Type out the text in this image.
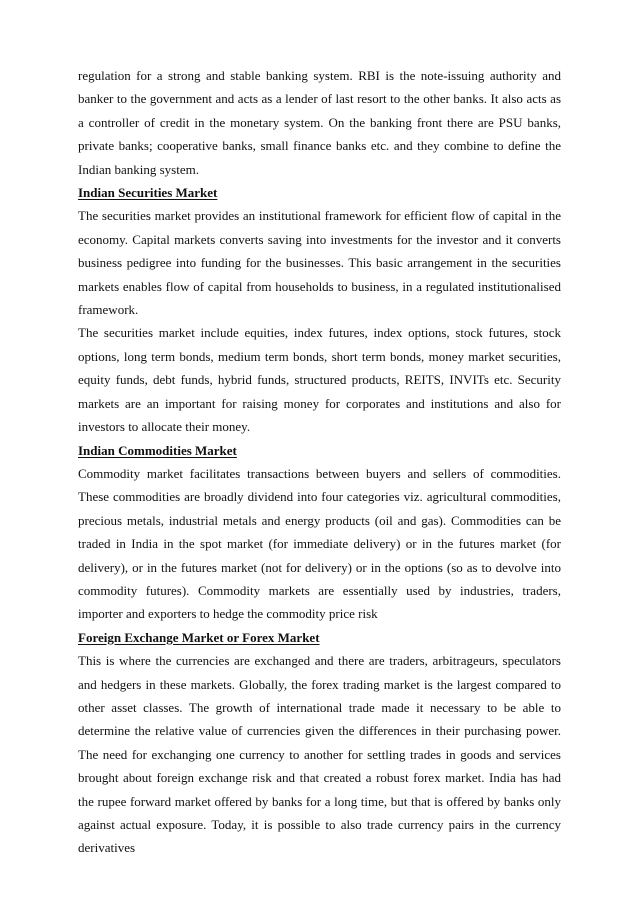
regulation for a strong and stable banking system. RBI is the note-issuing authority and banker to the government and acts as a lender of last resort to the other banks. It also acts as a controller of credit in the monetary system. On the banking front there are PSU banks, private banks; cooperative banks, small finance banks etc. and they combine to define the Indian banking system.

Indian Securities Market

The securities market provides an institutional framework for efficient flow of capital in the economy. Capital markets converts saving into investments for the investor and it converts business pedigree into funding for the businesses. This basic arrangement in the securities markets enables flow of capital from households to business, in a regulated institutionalised framework.

The securities market include equities, index futures, index options, stock futures, stock options, long term bonds, medium term bonds, short term bonds, money market securities, equity funds, debt funds, hybrid funds, structured products, REITS, INVITs etc. Security markets are an important for raising money for corporates and institutions and also for investors to allocate their money.

Indian Commodities Market

Commodity market facilitates transactions between buyers and sellers of commodities. These commodities are broadly dividend into four categories viz. agricultural commodities, precious metals, industrial metals and energy products (oil and gas). Commodities can be traded in India in the spot market (for immediate delivery) or in the futures market (for delivery), or in the futures market (not for delivery) or in the options (so as to devolve into commodity futures). Commodity markets are essentially used by industries, traders, importer and exporters to hedge the commodity price risk

Foreign Exchange Market or Forex Market

This is where the currencies are exchanged and there are traders, arbitrageurs, speculators and hedgers in these markets. Globally, the forex trading market is the largest compared to other asset classes. The growth of international trade made it necessary to be able to determine the relative value of currencies given the differences in their purchasing power. The need for exchanging one currency to another for settling trades in goods and services brought about foreign exchange risk and that created a robust forex market. India has had the rupee forward market offered by banks for a long time, but that is offered by banks only against actual exposure. Today, it is possible to also trade currency pairs in the currency derivatives
